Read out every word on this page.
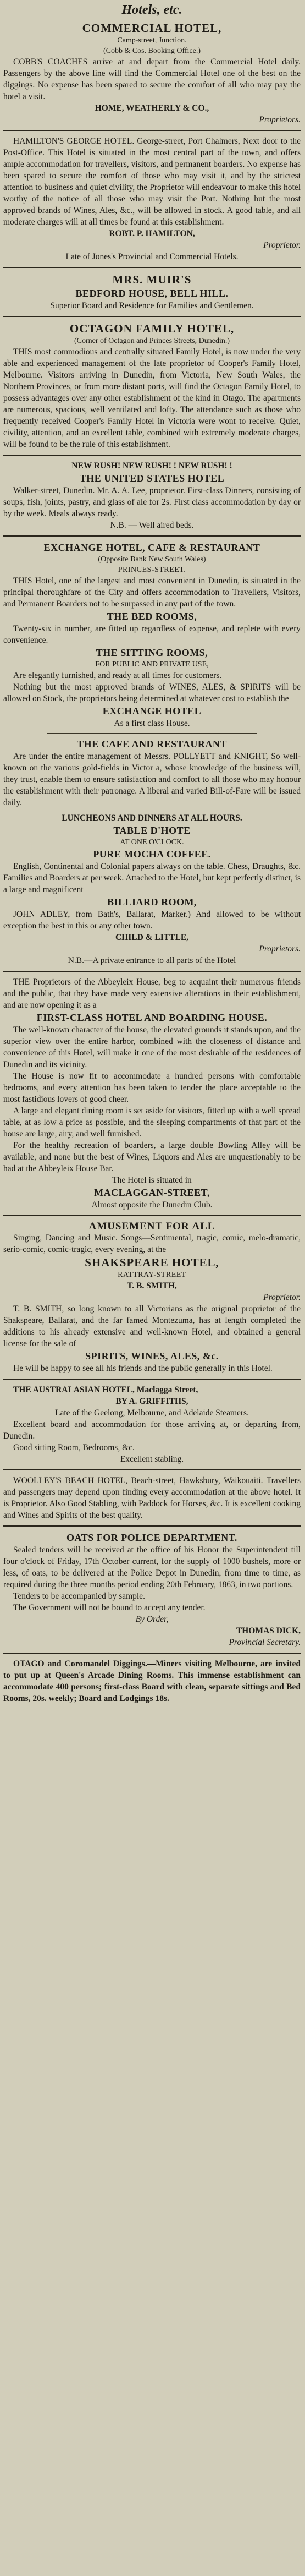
Hotels, etc.

COMMERCIAL HOTEL,

Camp-street, Junction.

(Cobb & Cos. Booking Office.)

COBB'S COACHES arrive at and depart from the Commercial Hotel daily. Passengers by the above line will find the Commercial Hotel one of the best on the diggings. No expense has been spared to secure the comfort of all who may pay the hotel a visit.

HOME, WEATHERLY & CO.,

Proprietors.

HAMILTON'S GEORGE HOTEL. George-street, Port Chalmers, Next door to the Post-Office. This Hotel is situated in the most central part of the town, and offers ample accommodation for travellers, visitors, and permanent boarders. No expense has been spared to secure the comfort of those who may visit it, and by the strictest attention to business and quiet civility, the Proprietor will endeavour to make this hotel worthy of the notice of all those who may visit the Port. Nothing but the most approved brands of Wines, Ales, &c., will be allowed in stock. A good table, and all moderate charges will at all times be found at this establishment.

ROBT. P. HAMILTON,

Proprietor.

Late of Jones's Provincial and Commercial Hotels.

MRS. MUIR'S

BEDFORD HOUSE, BELL HILL.

Superior Board and Residence for Families and Gentlemen.

OCTAGON FAMILY HOTEL,

(Corner of Octagon and Princes Streets, Dunedin.)

THIS most commodious and centrally situated Family Hotel, is now under the very able and experienced management of the late proprietor of Cooper's Family Hotel, Melbourne. Visitors arriving in Dunedin, from Victoria, New South Wales, the Northern Provinces, or from more distant ports, will find the Octagon Family Hotel, to possess advantages over any other establishment of the kind in Otago. The apartments are numerous, spacious, well ventilated and lofty. The attendance such as those who frequently received Cooper's Family Hotel in Victoria were wont to receive. Quiet, civility, attention, and an excellent table, combined with extremely moderate charges, will be found to be the rule of this establishment.

NEW RUSH! NEW RUSH! ! NEW RUSH! !

THE UNITED STATES HOTEL

Walker-street, Dunedin. Mr. A. A. Lee, proprietor. First-class Dinners, consisting of soups, fish, joints, pastry, and glass of ale for 2s. First class accommodation by day or by the week. Meals always ready.

N.B. — Well aired beds.

EXCHANGE HOTEL, CAFE & RESTAURANT

(Opposite Bank New South Wales)

PRINCES-STREET.

THIS Hotel, one of the largest and most convenient in Dunedin, is situated in the principal thoroughfare of the City and offers accommodation to Travellers, Visitors, and Permanent Boarders not to be surpassed in any part of the town.

THE BED ROOMS,

Twenty-six in number, are fitted up regardless of expense, and replete with every convenience.

THE SITTING ROOMS,

FOR PUBLIC AND PRIVATE USE,

Are elegantly furnished, and ready at all times for customers.

Nothing but the most approved brands of WINES, ALES, & SPIRITS will be allowed on Stock, the proprietors being determined at whatever cost to establish the

EXCHANGE HOTEL

As a first class House.

THE CAFE AND RESTAURANT

Are under the entire management of Messrs. POLLYETT and KNIGHT, So well-known on the various gold-fields in Victor a, whose knowledge of the business will, they trust, enable them to ensure satisfaction and comfort to all those who may honour the establishment with their patronage. A liberal and varied Bill-of-Fare will be issued daily.

LUNCHEONS AND DINNERS AT ALL HOURS.

TABLE D'HOTE

AT ONE O'CLOCK.

PURE MOCHA COFFEE.

English, Continental and Colonial papers always on the table. Chess, Draughts, &c. Families and Boarders at per week. Attached to the Hotel, but kept perfectly distinct, is a large and magnificent

BILLIARD ROOM,

JOHN ADLEY, from Bath's, Ballarat, Marker.) And allowed to be without exception the best in this or any other town.

CHILD & LITTLE,

Proprietors.

N.B.—A private entrance to all parts of the Hotel

THE Proprietors of the Abbeyleix House, beg to acquaint their numerous friends and the public, that they have made very extensive alterations in their establishment, and are now opening it as a

FIRST-CLASS HOTEL AND BOARDING HOUSE.

The well-known character of the house, the elevated grounds it stands upon, and the superior view over the entire harbor, combined with the closeness of distance and convenience of this Hotel, will make it one of the most desirable of the residences of Dunedin and its vicinity.

The House is now fit to accommodate a hundred persons with comfortable bedrooms, and every attention has been taken to tender the place acceptable to the most fastidious lovers of good cheer.

A large and elegant dining room is set aside for visitors, fitted up with a well spread table, at as low a price as possible, and the sleeping compartments of that part of the house are large, airy, and well furnished.

For the healthy recreation of boarders, a large double Bowling Alley will be available, and none but the best of Wines, Liquors and Ales are unquestionably to be had at the Abbeyleix House Bar.

The Hotel is situated in

MACLAGGAN-STREET,

Almost opposite the Dunedin Club.

AMUSEMENT FOR ALL

Singing, Dancing and Music. Songs—Sentimental, tragic, comic, melo-dramatic, serio-comic, comic-tragic, every evening, at the

SHAKSPEARE HOTEL,

RATTRAY-STREET

T. B. SMITH,

Proprietor.

T. B. SMITH, so long known to all Victorians as the original proprietor of the Shakspeare, Ballarat, and the far famed Montezuma, has at length completed the additions to his already extensive and well-known Hotel, and obtained a general license for the sale of

SPIRITS, WINES, ALES, &c.

He will be happy to see all his friends and the public generally in this Hotel.

THE AUSTRALASIAN HOTEL, Maclagga Street,

BY A. GRIFFITHS,

Late of the Geelong, Melbourne, and Adelaide Steamers.

Excellent board and accommodation for those arriving at, or departing from, Dunedin.

Good sitting Room, Bedrooms, &c.

Excellent stabling.

WOOLLEY'S BEACH HOTEL, Beach-street, Hawksbury, Waikouaiti. Travellers and passengers may depend upon finding every accommodation at the above hotel. It is Proprietor. Also Good Stabling, with Paddock for Horses, &c. It is excellent cooking and Wines and Spirits of the best quality.

OATS FOR POLICE DEPARTMENT.

Sealed tenders will be received at the office of his Honor the Superintendent till four o'clock of Friday, 17th October current, for the supply of 1000 bushels, more or less, of oats, to be delivered at the Police Depot in Dunedin, from time to time, as required during the three months period ending 20th February, 1863, in two portions.

Tenders to be accompanied by sample.

The Government will not be bound to accept any tender.

By Order,

THOMAS DICK,

Provincial Secretary.

OTAGO and Coromandel Diggings.—Miners visiting Melbourne, are invited to put up at Queen's Arcade Dining Rooms. This immense establishment can accommodate 400 persons; first-class Board with clean, separate sittings and Bed Rooms, 20s. weekly; Board and Lodgings 18s.
